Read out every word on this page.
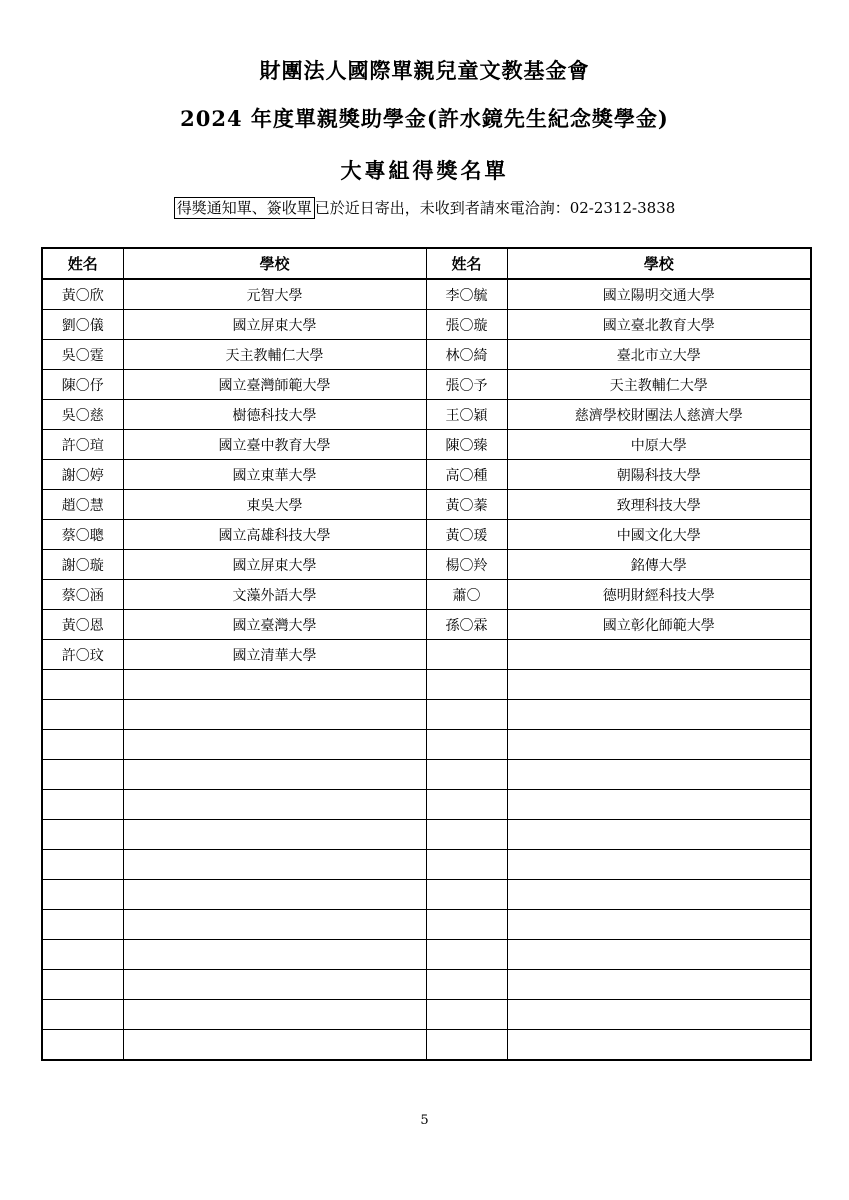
財團法人國際單親兒童文教基金會
2024 年度單親獎助學金(許水鏡先生紀念獎學金)
大專組得獎名單
得獎通知單、簽收單 已於近日寄出，未收到者請來電洽詢：02-2312-3838
姓名	學校	姓名	學校
黃〇欣	元智大學	李〇毓	國立陽明交通大學
劉〇儀	國立屏東大學	張〇璇	國立臺北教育大學
吳〇霆	天主教輔仁大學	林〇綺	臺北市立大學
陳〇伃	國立臺灣師範大學	張〇予	天主教輔仁大學
吳〇慈	樹德科技大學	王〇穎	慈濟學校財團法人慈濟大學
許〇瑄	國立臺中教育大學	陳〇臻	中原大學
謝〇婷	國立東華大學	高〇種	朝陽科技大學
趙〇慧	東吳大學	黃〇蓁	致理科技大學
蔡〇聰	國立高雄科技大學	黃〇瑗	中國文化大學
謝〇璇	國立屏東大學	楊〇羚	銘傳大學
蔡〇涵	文藻外語大學	蕭〇	德明財經科技大學
黃〇恩	國立臺灣大學	孫〇霖	國立彰化師範大學
許〇玟	國立清華大學		

5
